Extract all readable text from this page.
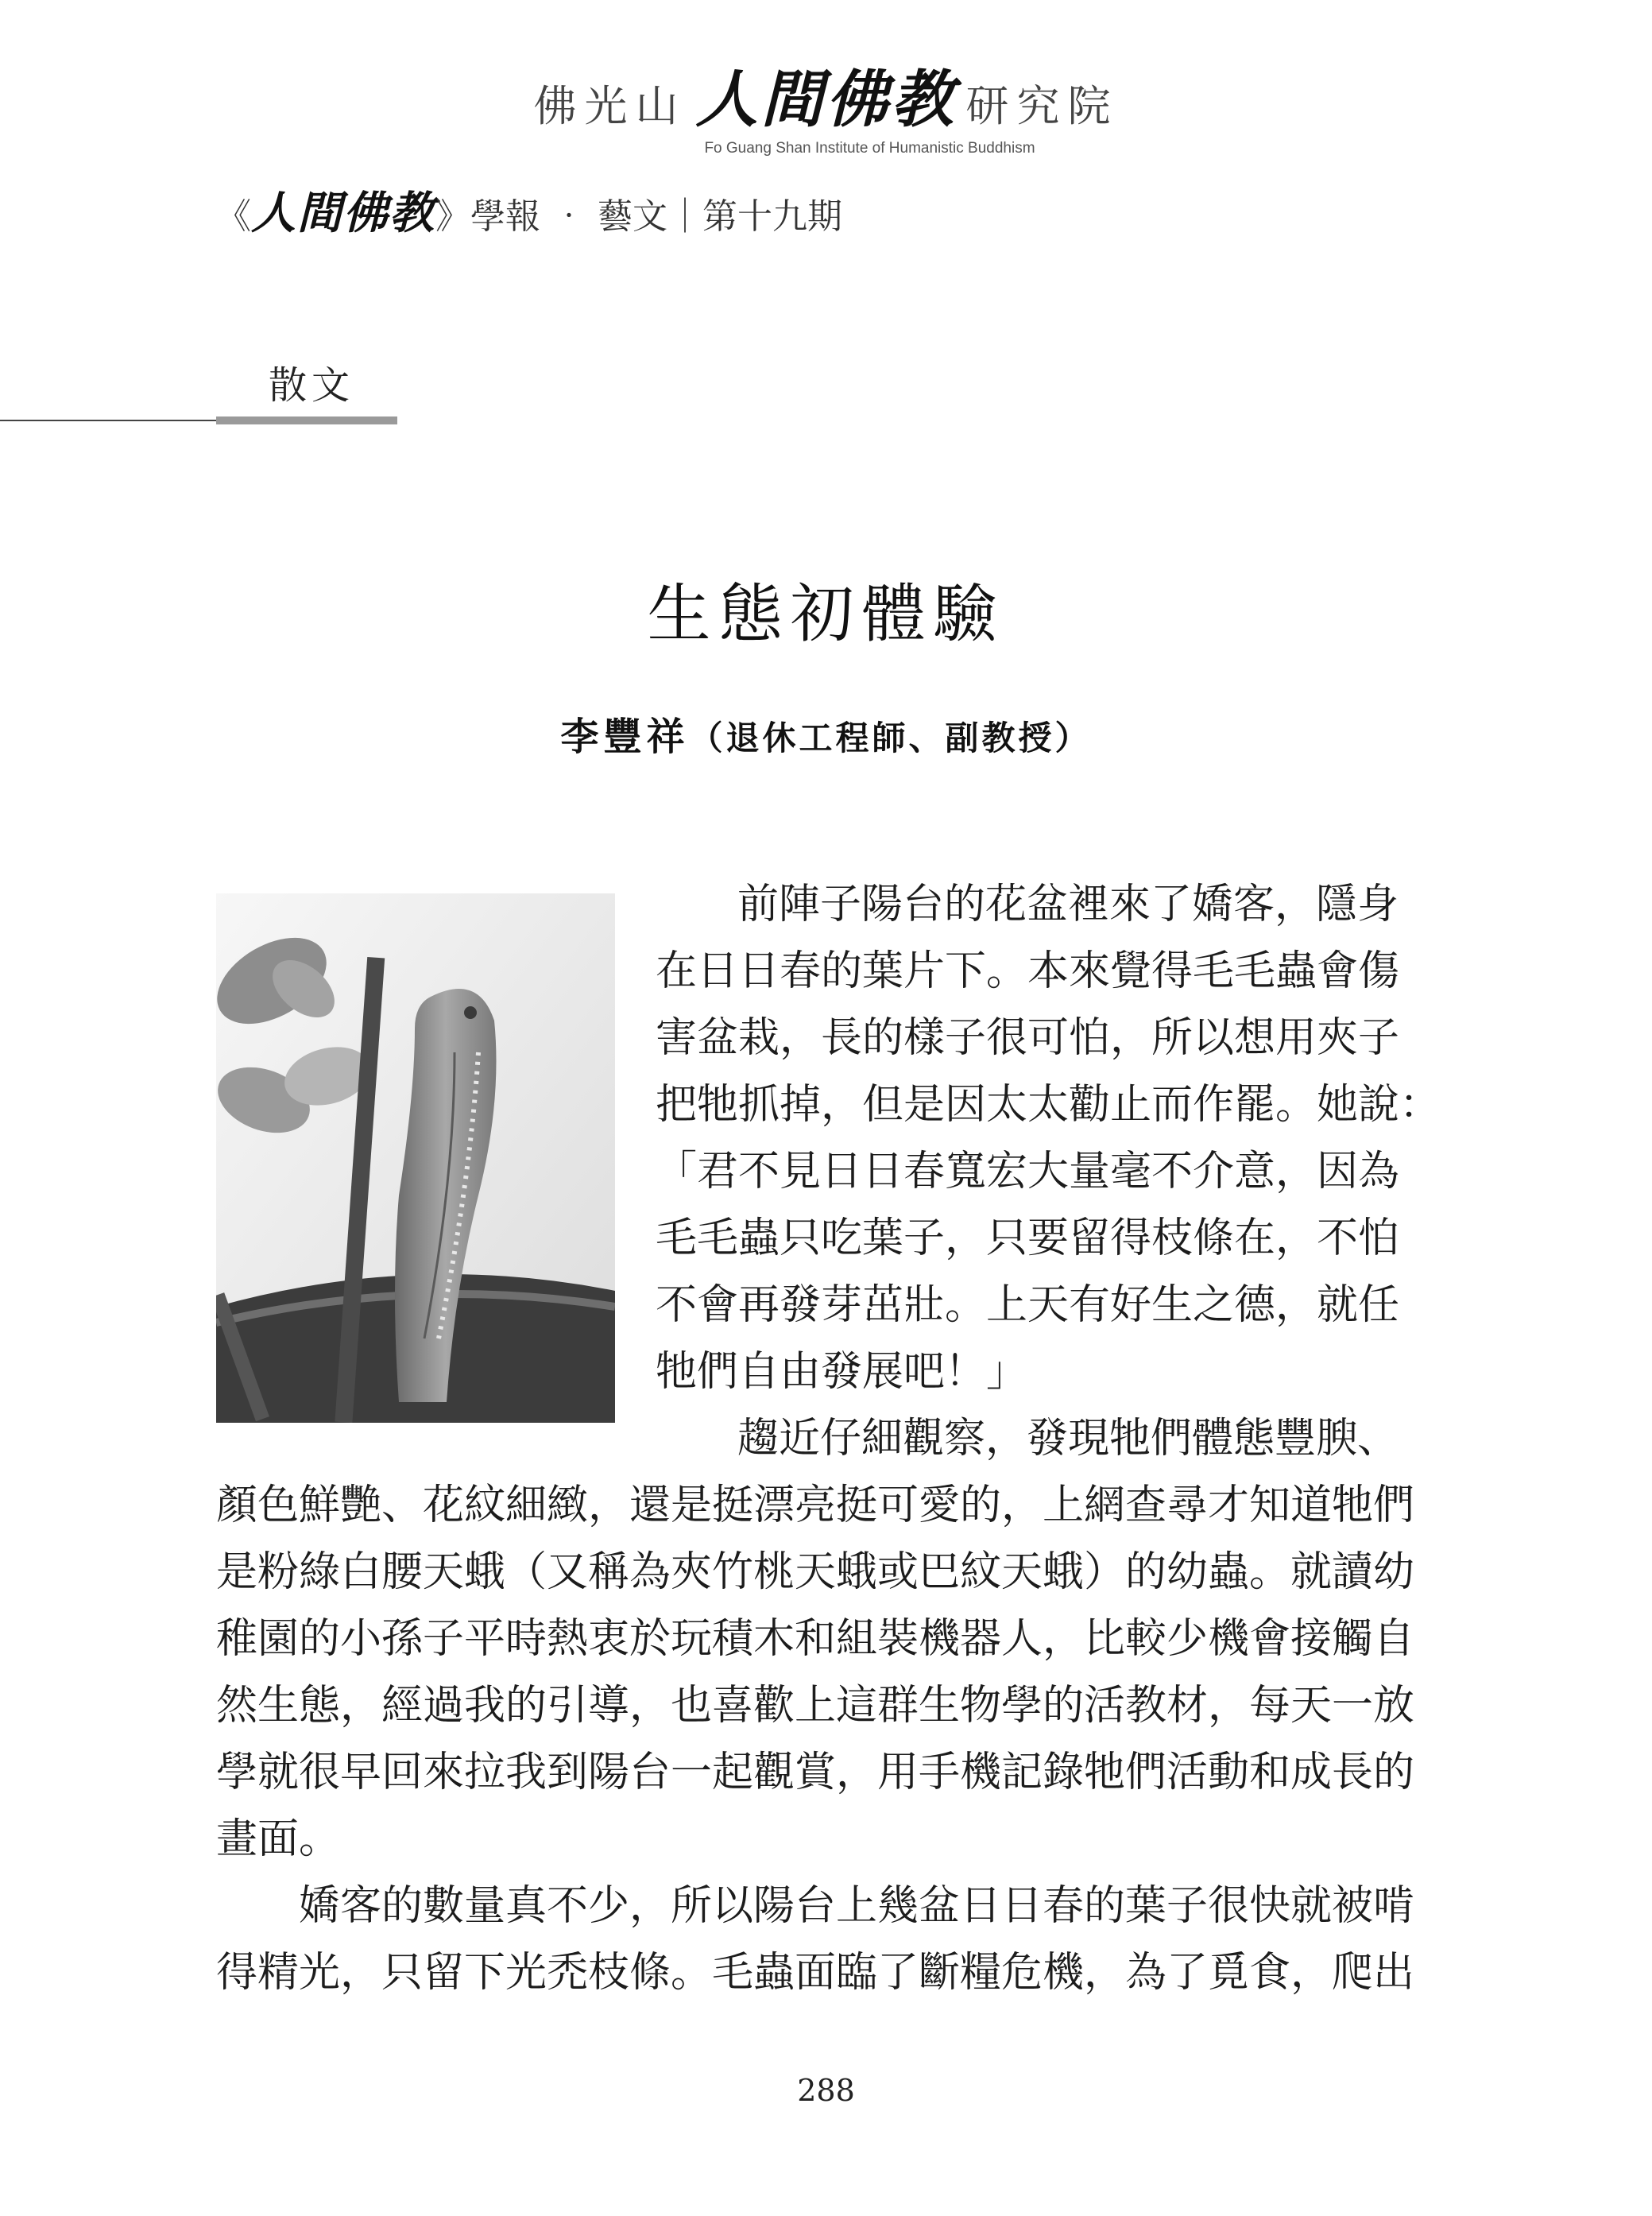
佛光山 人間佛教 研究院
Fo Guang Shan Institute of Humanistic Buddhism
《人間佛教》學報 ‧ 藝文｜第十九期
散文
生態初體驗
李豐祥（退休工程師、副教授）
前陣子陽台的花盆裡來了嬌客，隱身
在日日春的葉片下。本來覺得毛毛蟲會傷
害盆栽，長的樣子很可怕，所以想用夾子
把牠抓掉，但是因太太勸止而作罷。她說：
「君不見日日春寬宏大量毫不介意，因為
毛毛蟲只吃葉子，只要留得枝條在，不怕
不會再發芽茁壯。上天有好生之德，就任
牠們自由發展吧！」
趨近仔細觀察，發現牠們體態豐腴、
顏色鮮艷、花紋細緻，還是挺漂亮挺可愛的，上網查尋才知道牠們
是粉綠白腰天蛾（又稱為夾竹桃天蛾或巴紋天蛾）的幼蟲。就讀幼
稚園的小孫子平時熱衷於玩積木和組裝機器人，比較少機會接觸自
然生態，經過我的引導，也喜歡上這群生物學的活教材，每天一放
學就很早回來拉我到陽台一起觀賞，用手機記錄牠們活動和成長的
畫面。
嬌客的數量真不少，所以陽台上幾盆日日春的葉子很快就被啃
得精光，只留下光禿枝條。毛蟲面臨了斷糧危機，為了覓食，爬出
288
